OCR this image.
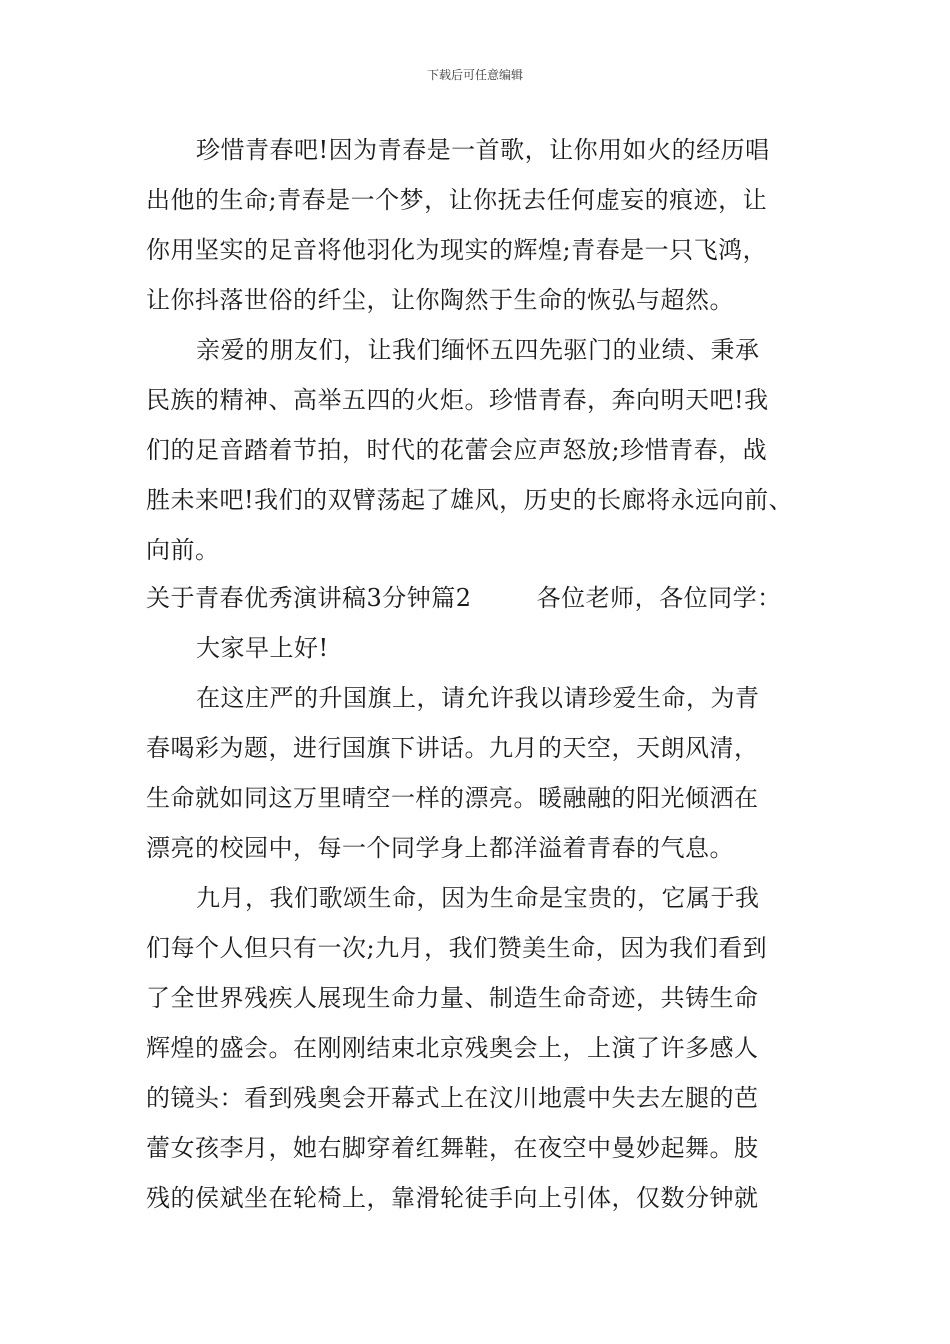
下载后可任意编辑
珍惜青春吧!因为青春是一首歌，让你用如火的经历唱
出他的生命;青春是一个梦，让你抚去任何虚妄的痕迹，让
你用坚实的足音将他羽化为现实的辉煌;青春是一只飞鸿，
让你抖落世俗的纤尘，让你陶然于生命的恢弘与超然。
亲爱的朋友们，让我们缅怀五四先驱门的业绩、秉承
民族的精神、高举五四的火炬。珍惜青春，奔向明天吧!我
们的足音踏着节拍，时代的花蕾会应声怒放;珍惜青春，战
胜未来吧!我们的双臂荡起了雄风，历史的长廊将永远向前、
向前。
关于青春优秀演讲稿3分钟篇2        各位老师，各位同学：
大家早上好!
在这庄严的升国旗上，请允许我以请珍爱生命，为青
春喝彩为题，进行国旗下讲话。九月的天空，天朗风清，
生命就如同这万里晴空一样的漂亮。暖融融的阳光倾洒在
漂亮的校园中，每一个同学身上都洋溢着青春的气息。
九月，我们歌颂生命，因为生命是宝贵的，它属于我
们每个人但只有一次;九月，我们赞美生命，因为我们看到
了全世界残疾人展现生命力量、制造生命奇迹，共铸生命
辉煌的盛会。在刚刚结束北京残奥会上，上演了许多感人
的镜头：看到残奥会开幕式上在汶川地震中失去左腿的芭
蕾女孩李月，她右脚穿着红舞鞋，在夜空中曼妙起舞。肢
残的侯斌坐在轮椅上，靠滑轮徒手向上引体，仅数分钟就
